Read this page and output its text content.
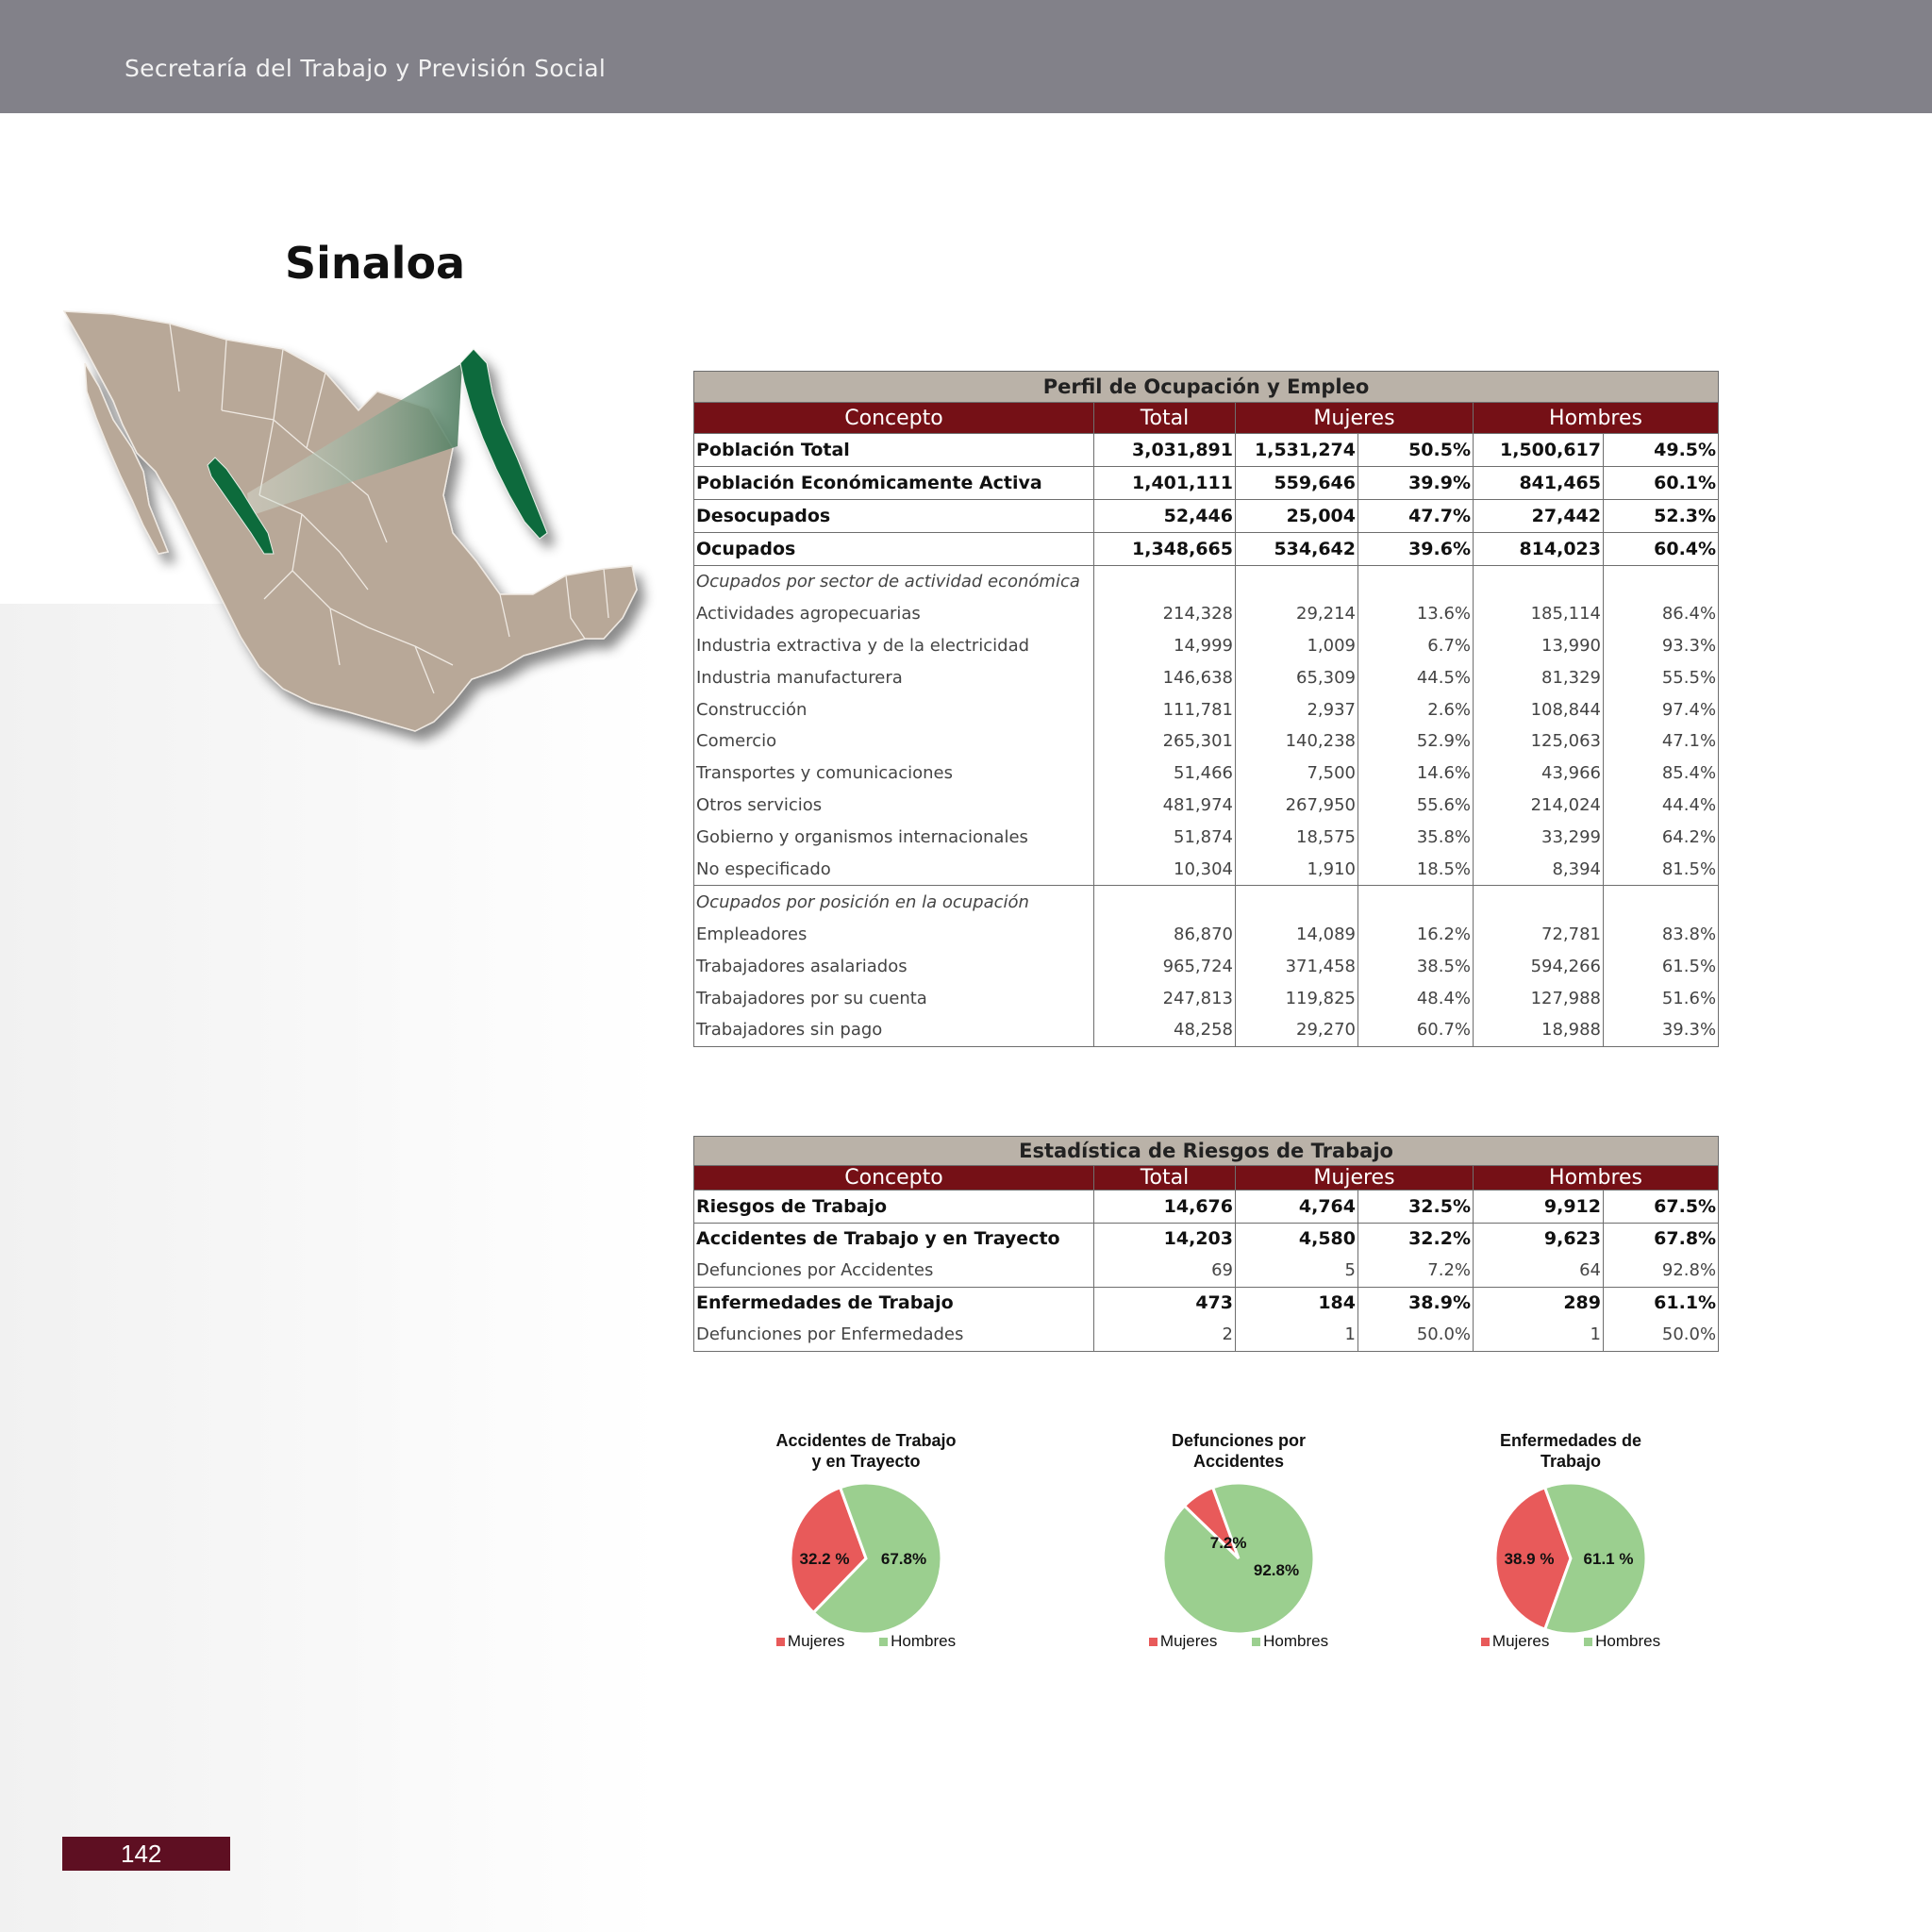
Secretaría del Trabajo y Previsión Social
Sinaloa
Perfil de Ocupación y Empleo					
Concepto	Total	Mujeres		Hombres	
Población Total	3,031,891	1,531,274	50.5%	1,500,617	49.5%
Población Económicamente Activa	1,401,111	559,646	39.9%	841,465	60.1%
Desocupados	52,446	25,004	47.7%	27,442	52.3%
Ocupados	1,348,665	534,642	39.6%	814,023	60.4%
Ocupados por sector de actividad económica					
Actividades agropecuarias	214,328	29,214	13.6%	185,114	86.4%
Industria extractiva y de la electricidad	14,999	1,009	6.7%	13,990	93.3%
Industria manufacturera	146,638	65,309	44.5%	81,329	55.5%
Construcción	111,781	2,937	2.6%	108,844	97.4%
Comercio	265,301	140,238	52.9%	125,063	47.1%
Transportes y comunicaciones	51,466	7,500	14.6%	43,966	85.4%
Otros servicios	481,974	267,950	55.6%	214,024	44.4%
Gobierno y organismos internacionales	51,874	18,575	35.8%	33,299	64.2%
No especificado	10,304	1,910	18.5%	8,394	81.5%
Ocupados por posición en la ocupación					
Empleadores	86,870	14,089	16.2%	72,781	83.8%
Trabajadores asalariados	965,724	371,458	38.5%	594,266	61.5%
Trabajadores por su cuenta	247,813	119,825	48.4%	127,988	51.6%
Trabajadores sin pago	48,258	29,270	60.7%	18,988	39.3%
Estadística de Riesgos de Trabajo					
Concepto	Total	Mujeres		Hombres	
Riesgos de Trabajo	14,676	4,764	32.5%	9,912	67.5%
Accidentes de Trabajo y en Trayecto	14,203	4,580	32.2%	9,623	67.8%
Defunciones por Accidentes	69	5	7.2%	64	92.8%
Enfermedades de Trabajo	473	184	38.9%	289	61.1%
Defunciones por Enfermedades	2	1	50.0%	1	50.0%
Accidentes de Trabajo
y en Trayecto
32.2 % 67.8%
Mujeres	Hombres
Defunciones por
Accidentes
7.2%
92.8%
Mujeres	Hombres
Enfermedades de
Trabajo
38.9 % 61.1 %
Mujeres	Hombres
142
